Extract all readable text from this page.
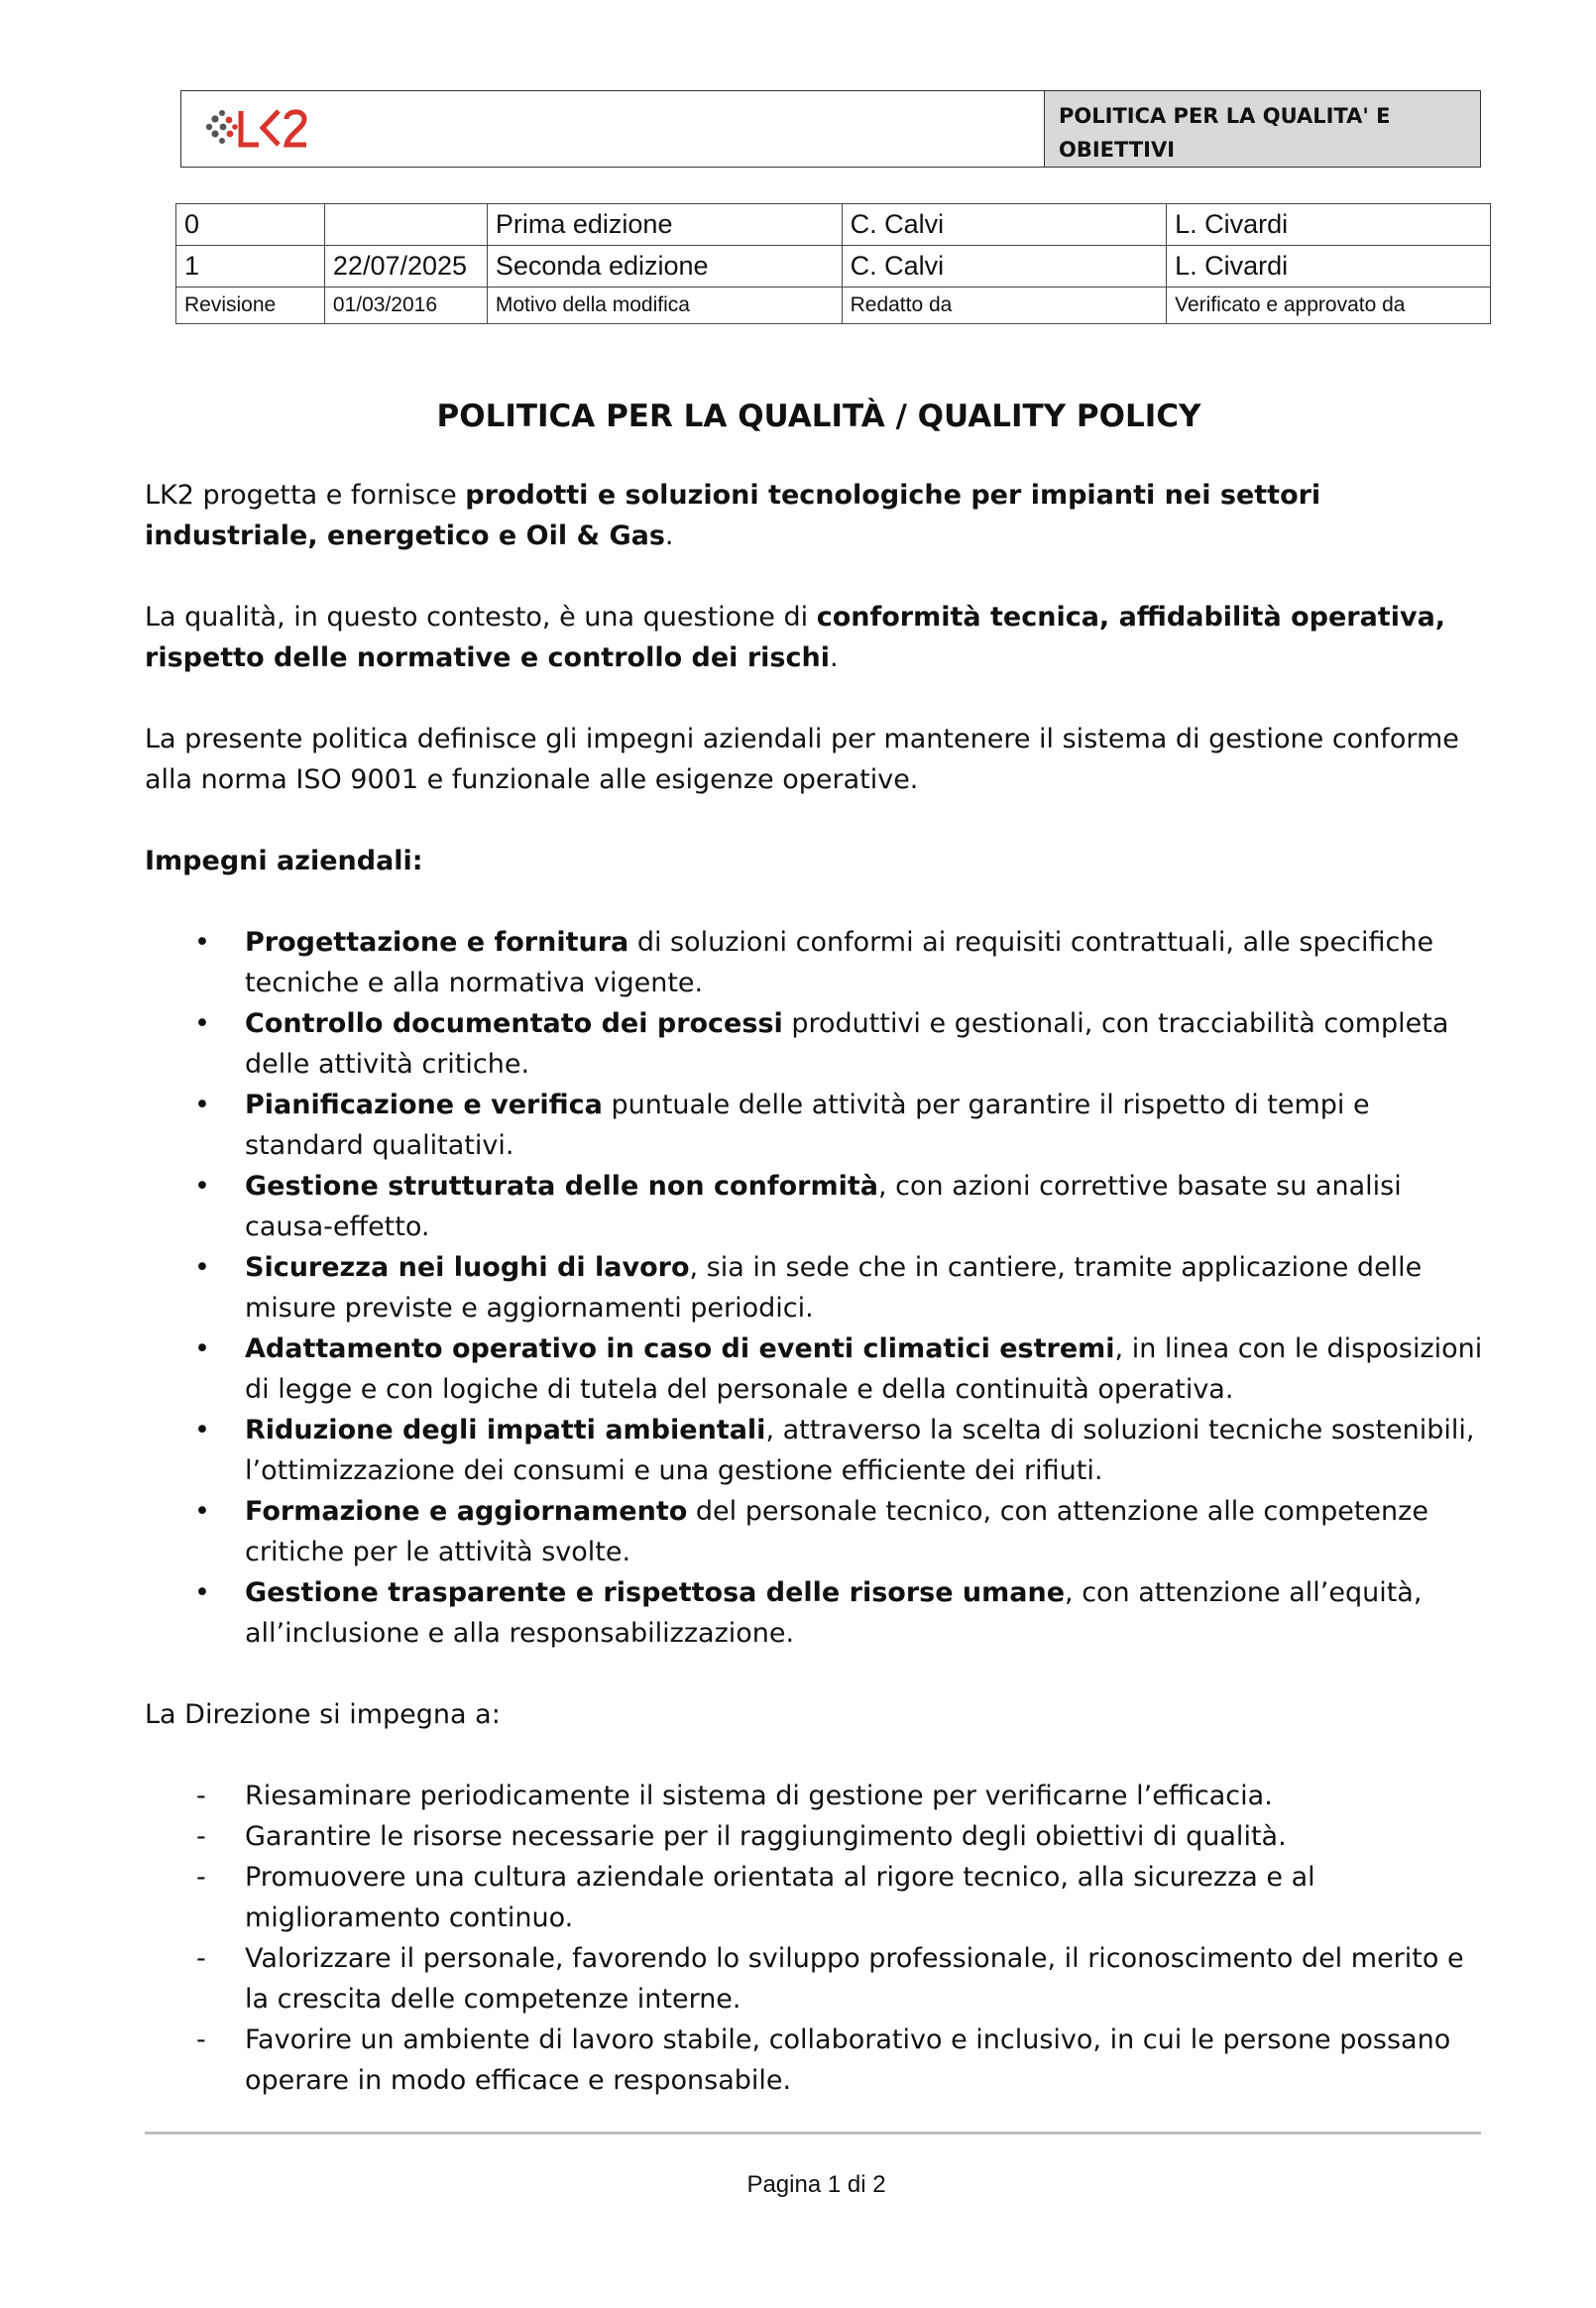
POLITICA PER LA QUALITA' E OBIETTIVI
0		Prima edizione	C. Calvi	L. Civardi
1	22/07/2025	Seconda edizione	C. Calvi	L. Civardi
Revisione	01/03/2016	Motivo della modifica	Redatto da	Verificato e approvato da
POLITICA PER LA QUALITÀ / QUALITY POLICY

LK2 progetta e fornisce prodotti e soluzioni tecnologiche per impianti nei settori industriale, energetico e Oil & Gas.

La qualità, in questo contesto, è una questione di conformità tecnica, affidabilità operativa, rispetto delle normative e controllo dei rischi.

La presente politica definisce gli impegni aziendali per mantenere il sistema di gestione conforme alla norma ISO 9001 e funzionale alle esigenze operative.

Impegni aziendali:
• Progettazione e fornitura di soluzioni conformi ai requisiti contrattuali, alle specifiche tecniche e alla normativa vigente.
• Controllo documentato dei processi produttivi e gestionali, con tracciabilità completa delle attività critiche.
• Pianificazione e verifica puntuale delle attività per garantire il rispetto di tempi e standard qualitativi.
• Gestione strutturata delle non conformità, con azioni correttive basate su analisi causa-effetto.
• Sicurezza nei luoghi di lavoro, sia in sede che in cantiere, tramite applicazione delle misure previste e aggiornamenti periodici.
• Adattamento operativo in caso di eventi climatici estremi, in linea con le disposizioni di legge e con logiche di tutela del personale e della continuità operativa.
• Riduzione degli impatti ambientali, attraverso la scelta di soluzioni tecniche sostenibili, l’ottimizzazione dei consumi e una gestione efficiente dei rifiuti.
• Formazione e aggiornamento del personale tecnico, con attenzione alle competenze critiche per le attività svolte.
• Gestione trasparente e rispettosa delle risorse umane, con attenzione all’equità, all’inclusione e alla responsabilizzazione.

La Direzione si impegna a:

- Riesaminare periodicamente il sistema di gestione per verificarne l’efficacia.
- Garantire le risorse necessarie per il raggiungimento degli obiettivi di qualità.
- Promuovere una cultura aziendale orientata al rigore tecnico, alla sicurezza e al miglioramento continuo.
- Valorizzare il personale, favorendo lo sviluppo professionale, il riconoscimento del merito e la crescita delle competenze interne.
- Favorire un ambiente di lavoro stabile, collaborativo e inclusivo, in cui le persone possano operare in modo efficace e responsabile.
Pagina 1 di 2
